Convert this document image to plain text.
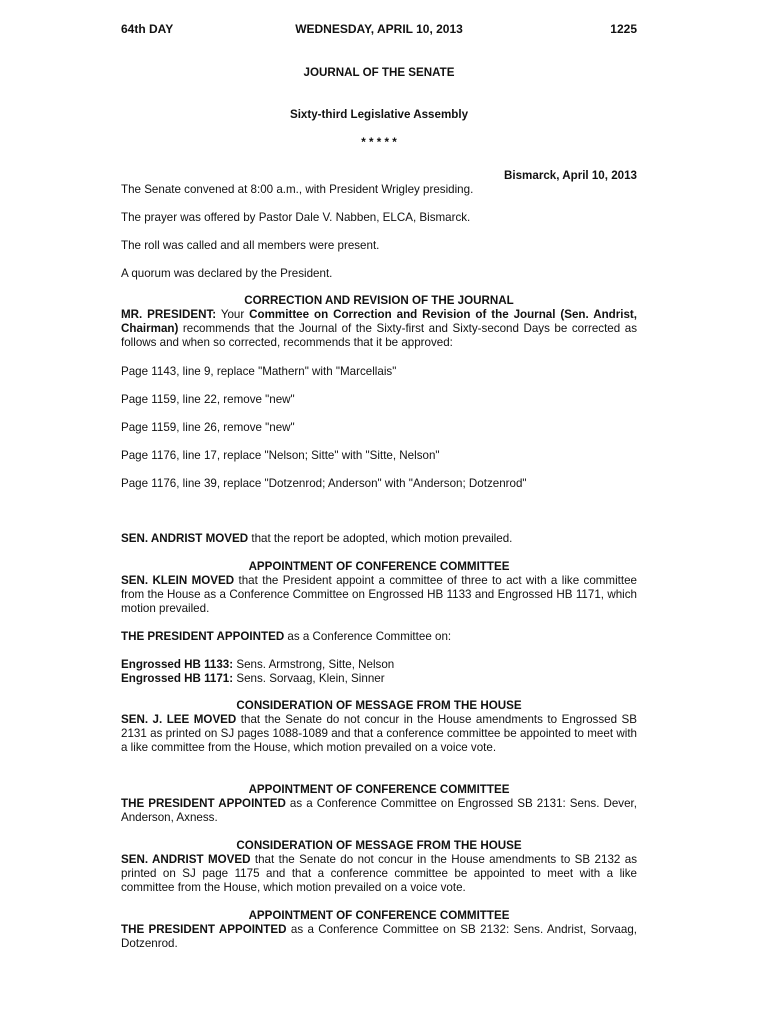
64th DAY	WEDNESDAY, APRIL 10, 2013	1225
JOURNAL OF THE SENATE
Sixty-third Legislative Assembly
* * * * *
Bismarck, April 10, 2013

The Senate convened at 8:00 a.m., with President Wrigley presiding.

The prayer was offered by Pastor Dale V. Nabben, ELCA, Bismarck.

The roll was called and all members were present.

A quorum was declared by the President.

CORRECTION AND REVISION OF THE JOURNAL

MR. PRESIDENT: Your Committee on Correction and Revision of the Journal (Sen. Andrist, Chairman) recommends that the Journal of the Sixty-first and Sixty-second Days be corrected as follows and when so corrected, recommends that it be approved:

Page 1143, line 9, replace "Mathern" with "Marcellais"

Page 1159, line 22, remove "new"

Page 1159, line 26, remove "new"

Page 1176, line 17, replace "Nelson; Sitte" with "Sitte, Nelson"

Page 1176, line 39, replace "Dotzenrod; Anderson" with "Anderson; Dotzenrod"

SEN. ANDRIST MOVED that the report be adopted, which motion prevailed.

APPOINTMENT OF CONFERENCE COMMITTEE

SEN. KLEIN MOVED that the President appoint a committee of three to act with a like committee from the House as a Conference Committee on Engrossed HB 1133 and Engrossed HB 1171, which motion prevailed.

THE PRESIDENT APPOINTED as a Conference Committee on:

Engrossed HB 1133: Sens. Armstrong, Sitte, Nelson

Engrossed HB 1171: Sens. Sorvaag, Klein, Sinner

CONSIDERATION OF MESSAGE FROM THE HOUSE

SEN. J. LEE MOVED that the Senate do not concur in the House amendments to Engrossed SB 2131 as printed on SJ pages 1088-1089 and that a conference committee be appointed to meet with a like committee from the House, which motion prevailed on a voice vote.

APPOINTMENT OF CONFERENCE COMMITTEE

THE PRESIDENT APPOINTED as a Conference Committee on Engrossed SB 2131: Sens. Dever, Anderson, Axness.

CONSIDERATION OF MESSAGE FROM THE HOUSE

SEN. ANDRIST MOVED that the Senate do not concur in the House amendments to SB 2132 as printed on SJ page 1175 and that a conference committee be appointed to meet with a like committee from the House, which motion prevailed on a voice vote.

APPOINTMENT OF CONFERENCE COMMITTEE

THE PRESIDENT APPOINTED as a Conference Committee on SB 2132: Sens. Andrist, Sorvaag, Dotzenrod.
